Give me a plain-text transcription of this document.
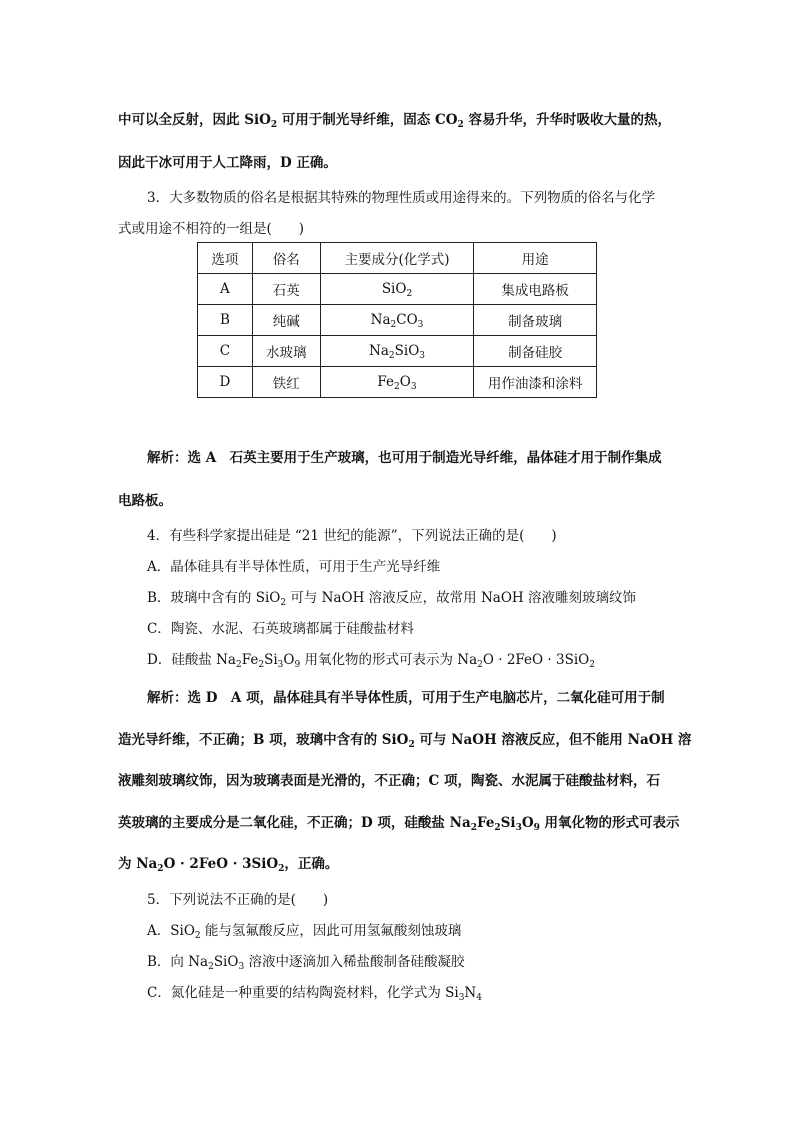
中可以全反射，因此 SiO$_2$ 可用于制光导纤维，固态 $CO_2$ 容易升华，升华时吸收大量的热，
因此干冰可用于人工降雨，D 正确。
3．大多数物质的俗名是根据其特殊的物理性质或用途得来的。下列物质的俗名与化学
式或用途不相符的一组是(　　)
选项	俗名	主要成分(化学式)	用途
A	石英	SiO$_2$	集成电路板
B	纯碱	$Na_2CO_3$	制备玻璃
C	水玻璃	$Na_2SiO_3$	制备硅胶
D	铁红	$Fe_2O_3$	用作油漆和涂料
解析：选 A　石英主要用于生产玻璃，也可用于制造光导纤维，晶体硅才用于制作集成
电路板。
4．有些科学家提出硅是 “21 世纪的能源”，下列说法正确的是(　　)
A．晶体硅具有半导体性质，可用于生产光导纤维
B．玻璃中含有的 SiO$_2$ 可与 NaOH 溶液反应，故常用 NaOH 溶液雕刻玻璃纹饰
C．陶瓷、水泥、石英玻璃都属于硅酸盐材料
D．硅酸盐 $Na_2Fe_2Si_3O_9$ 用氧化物的形式可表示为 $Na_2O \cdot 2FeO \cdot 3SiO_2$
解析：选 D　A 项，晶体硅具有半导体性质，可用于生产电脑芯片，二氧化硅可用于制
造光导纤维，不正确；B 项，玻璃中含有的 SiO$_2$ 可与 NaOH 溶液反应，但不能用 NaOH 溶
液雕刻玻璃纹饰，因为玻璃表面是光滑的，不正确；C 项，陶瓷、水泥属于硅酸盐材料，石
英玻璃的主要成分是二氧化硅，不正确；D 项，硅酸盐 $Na_2Fe_2Si_3O_9$ 用氧化物的形式可表示
为 $Na_2O \cdot 2FeO \cdot 3SiO_2$，正确。
5．下列说法不正确的是(　　)
A．SiO$_2$ 能与氢氟酸反应，因此可用氢氟酸刻蚀玻璃
B．向 $Na_2SiO_3$ 溶液中逐滴加入稀盐酸制备硅酸凝胶
C．氮化硅是一种重要的结构陶瓷材料，化学式为 $Si_3N_4$
